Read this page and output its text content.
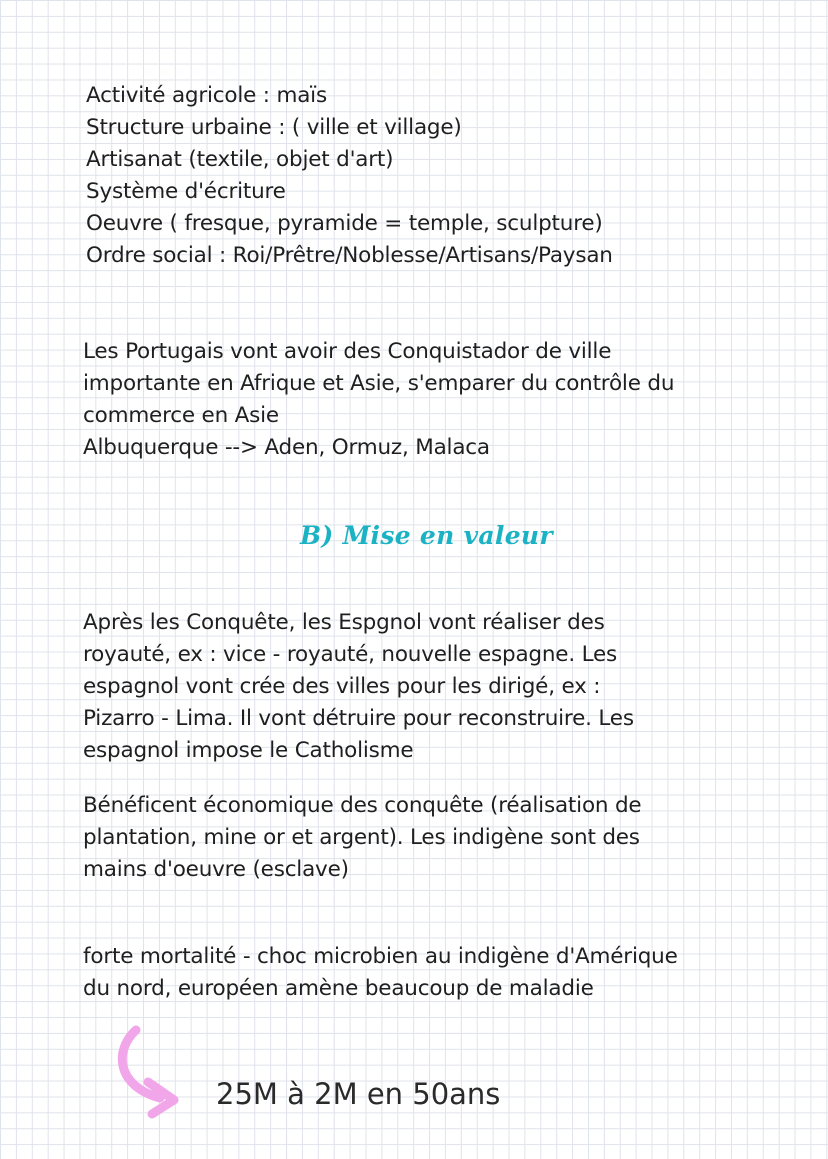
Activité agricole : maïs

Structure urbaine : ( ville et village)

Artisanat (textile, objet d'art)

Système d'écriture

Oeuvre ( fresque, pyramide = temple, sculpture)

Ordre social : Roi/Prêtre/Noblesse/Artisans/Paysan

Les Portugais vont avoir des Conquistador de ville

importante en Afrique et Asie, s'emparer du contrôle du

commerce en Asie

Albuquerque --> Aden, Ormuz, Malaca

B) Mise en valeur

Après les Conquête, les Espgnol vont réaliser des

royauté, ex : vice - royauté, nouvelle espagne. Les

espagnol vont crée des villes pour les dirigé, ex :

Pizarro - Lima. Il vont détruire pour reconstruire. Les

espagnol impose le Catholisme

Bénéficent économique des conquête (réalisation de

plantation, mine or et argent). Les indigène sont des

mains d'oeuvre (esclave)

forte mortalité - choc microbien au indigène d'Amérique

du nord, européen amène beaucoup de maladie

25M à 2M en 50ans
